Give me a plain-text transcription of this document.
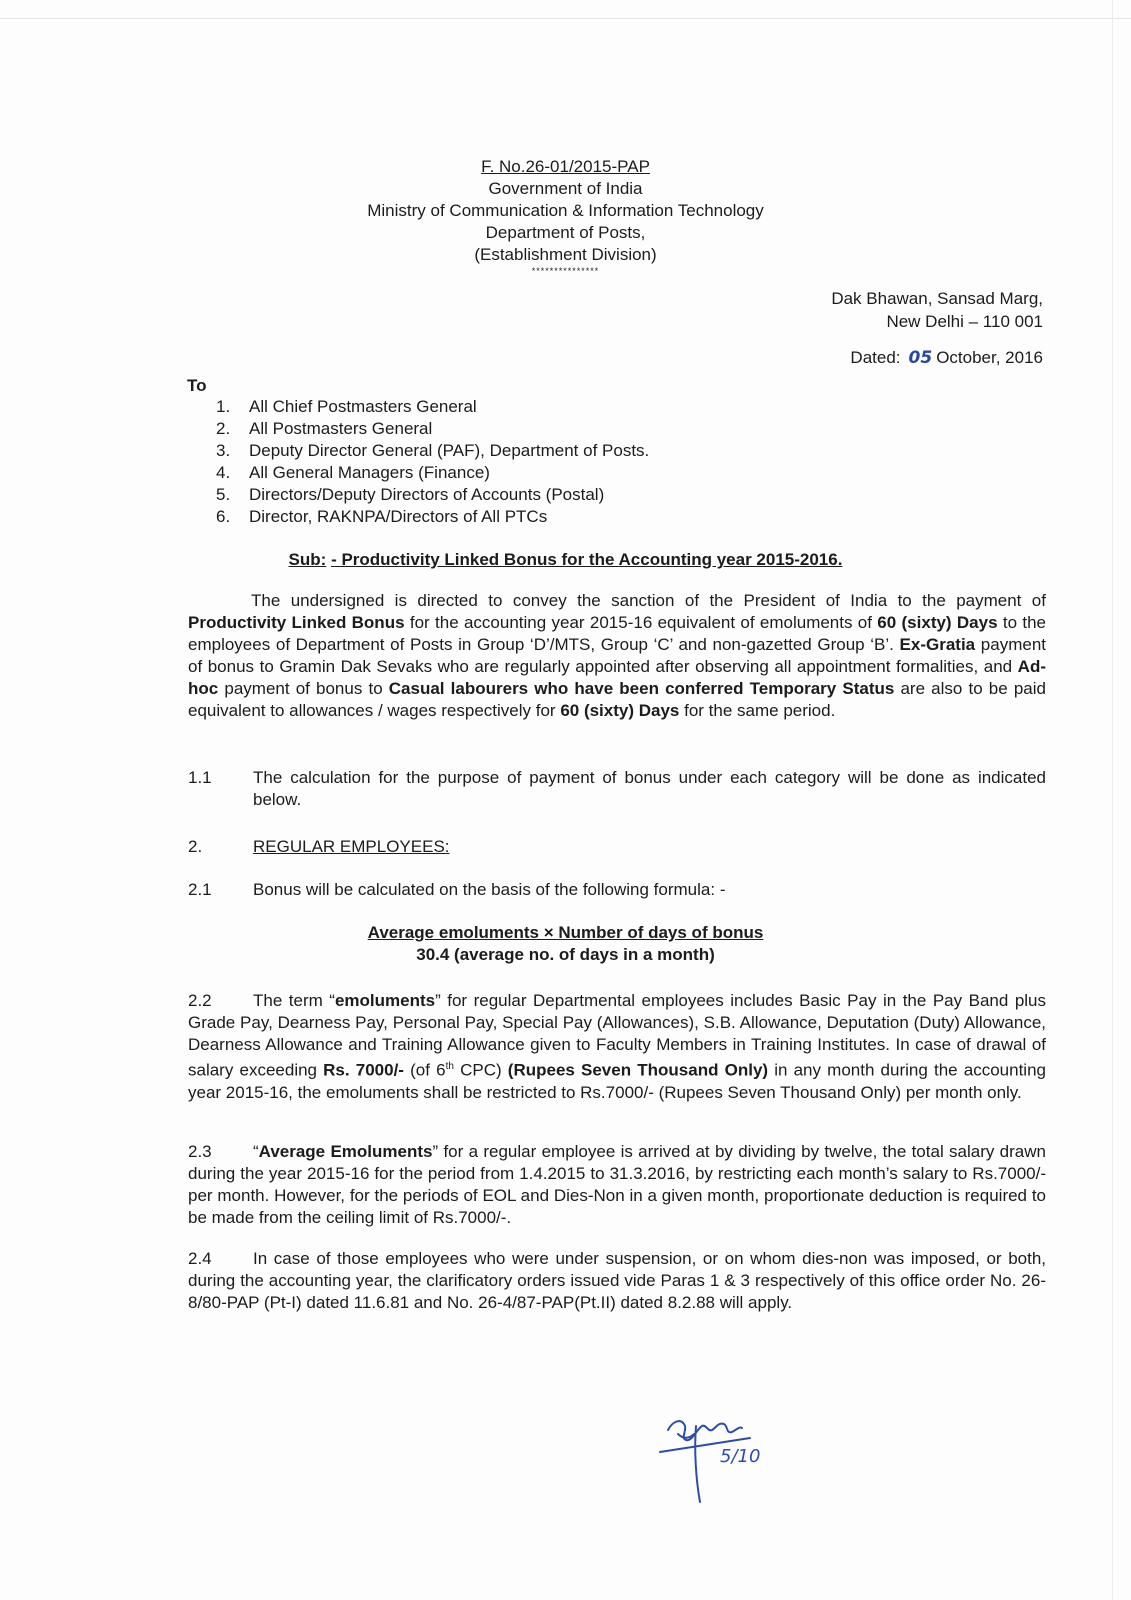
F. No.26-01/2015-PAP
Government of India
Ministry of Communication & Information Technology
Department of Posts,
(Establishment Division)
***************
Dak Bhawan, Sansad Marg,
New Delhi – 110 001
Dated: 05 October, 2016
To
1.	All Chief Postmasters General
2.	All Postmasters General
3.	Deputy Director General (PAF), Department of Posts.
4.	All General Managers (Finance)
5.	Directors/Deputy Directors of Accounts (Postal)
6.	Director, RAKNPA/Directors of All PTCs
Sub: - Productivity Linked Bonus for the Accounting year 2015-2016.
The undersigned is directed to convey the sanction of the President of India to the payment of Productivity Linked Bonus for the accounting year 2015-16 equivalent of emoluments of 60 (sixty) Days to the employees of Department of Posts in Group ‘D’/MTS, Group ‘C’ and non-gazetted Group ‘B’. Ex-Gratia payment of bonus to Gramin Dak Sevaks who are regularly appointed after observing all appointment formalities, and Ad-hoc payment of bonus to Casual labourers who have been conferred Temporary Status are also to be paid equivalent to allowances / wages respectively for 60 (sixty) Days for the same period.
1.1	The calculation for the purpose of payment of bonus under each category will be done as indicated below.
2.	REGULAR EMPLOYEES:
2.1	Bonus will be calculated on the basis of the following formula: -
Average emoluments × Number of days of bonus
30.4 (average no. of days in a month)
2.2 The term “emoluments” for regular Departmental employees includes Basic Pay in the Pay Band plus Grade Pay, Dearness Pay, Personal Pay, Special Pay (Allowances), S.B. Allowance, Deputation (Duty) Allowance, Dearness Allowance and Training Allowance given to Faculty Members in Training Institutes. In case of drawal of salary exceeding Rs. 7000/- (of 6th CPC) (Rupees Seven Thousand Only) in any month during the accounting year 2015-16, the emoluments shall be restricted to Rs.7000/- (Rupees Seven Thousand Only) per month only.
2.3 “Average Emoluments” for a regular employee is arrived at by dividing by twelve, the total salary drawn during the year 2015-16 for the period from 1.4.2015 to 31.3.2016, by restricting each month’s salary to Rs.7000/- per month. However, for the periods of EOL and Dies-Non in a given month, proportionate deduction is required to be made from the ceiling limit of Rs.7000/-.
2.4 In case of those employees who were under suspension, or on whom dies-non was imposed, or both, during the accounting year, the clarificatory orders issued vide Paras 1 & 3 respectively of this office order No. 26-8/80-PAP (Pt-I) dated 11.6.81 and No. 26-4/87-PAP(Pt.II) dated 8.2.88 will apply.
5/10
